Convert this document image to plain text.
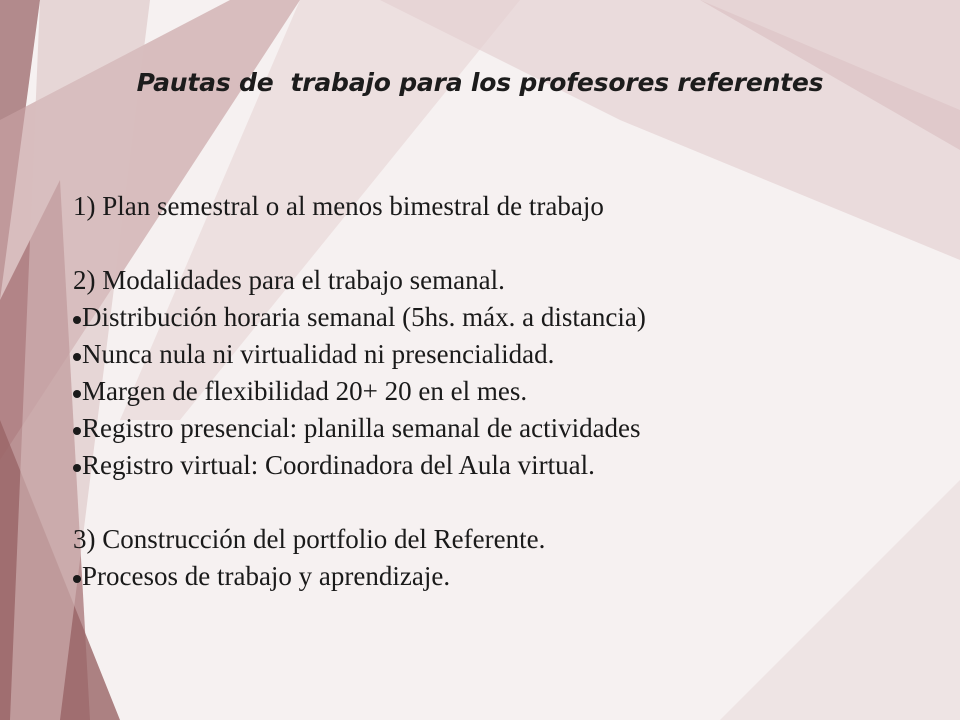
Pautas de  trabajo para los profesores referentes
1) Plan semestral o al menos bimestral de trabajo
2) Modalidades para el trabajo semanal.
Distribución horaria semanal (5hs. máx. a distancia)
Nunca nula ni virtualidad ni presencialidad.
Margen de flexibilidad 20+ 20 en el mes.
Registro presencial: planilla semanal de actividades
Registro virtual: Coordinadora del Aula virtual.
3) Construcción del portfolio del Referente.
Procesos de trabajo y aprendizaje.
